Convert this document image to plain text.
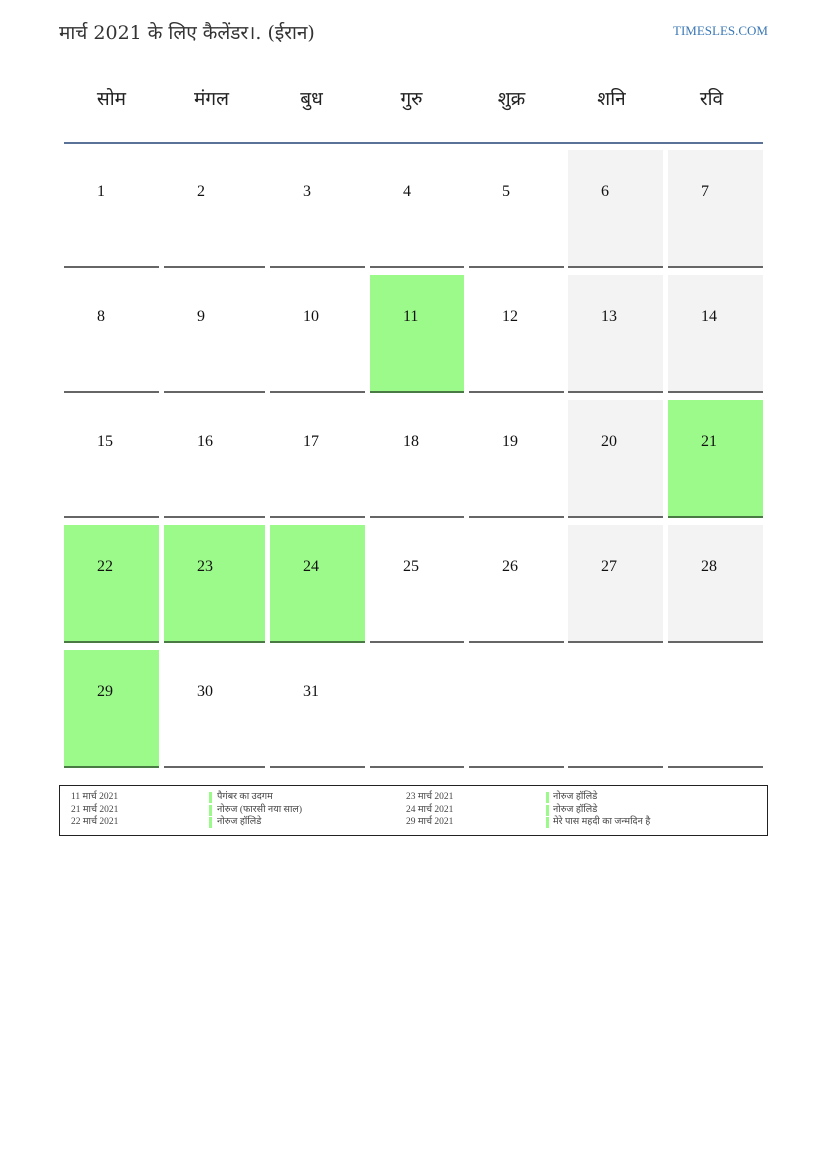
मार्च 2021 के लिए कैलेंडर।. (ईरान)	TIMESLES.COM
सोम	मंगल	बुध	गुरु	शुक्र	शनि	रवि
1	2	3	4	5	6	7
8	9	10	11	12	13	14
15	16	17	18	19	20	21
22	23	24	25	26	27	28
29	30	31
11 मार्च 2021	पैगंबर का उदगम
21 मार्च 2021	नोरुज (फारसी नया साल)
22 मार्च 2021	नोरुज हॉलिडे
23 मार्च 2021	नोरुज हॉलिडे
24 मार्च 2021	नोरुज हॉलिडे
29 मार्च 2021	मेरे पास महदी का जन्मदिन है
